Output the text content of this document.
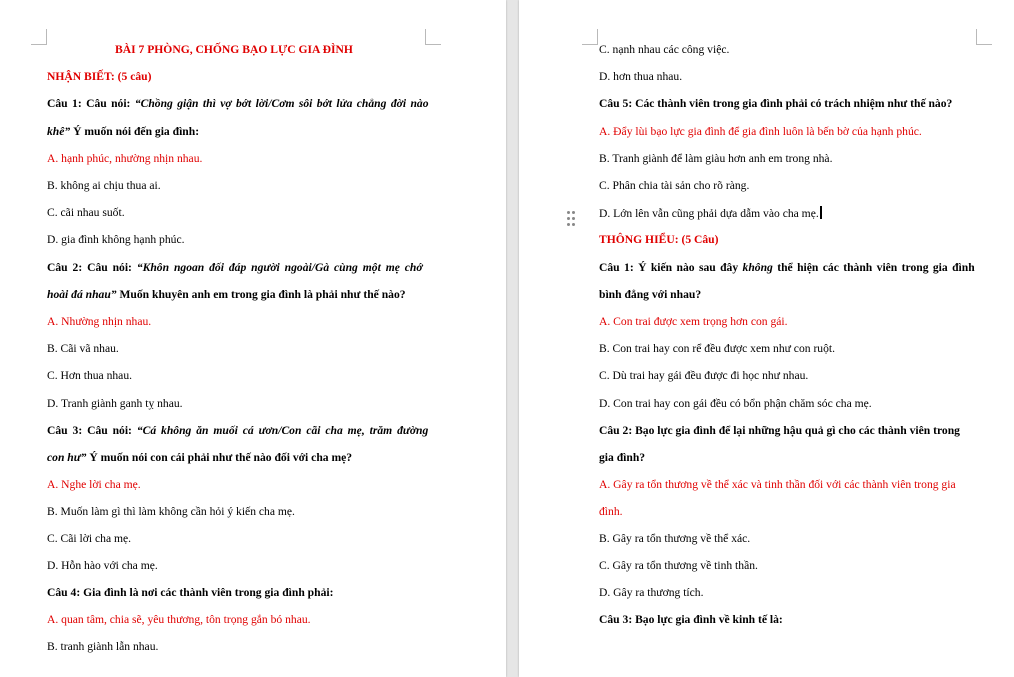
BÀI 7 PHÒNG, CHỐNG BẠO LỰC GIA ĐÌNH
NHẬN BIẾT: (5 câu)
Câu 1: Câu nói: “Chồng giận thì vợ bớt lời/Cơm sôi bớt lửa chẳng đời nào
khê” Ý muốn nói đến gia đình:
A. hạnh phúc, nhường nhịn nhau.
B. không ai chịu thua ai.
C. cãi nhau suốt.
D. gia đình không hạnh phúc.
Câu 2: Câu nói: “Khôn ngoan đối đáp người ngoài/Gà cùng một mẹ chớ
hoài đá nhau” Muốn khuyên anh em trong gia đình là phải như thế nào?
A. Nhường nhịn nhau.
B. Cãi vã nhau.
C. Hơn thua nhau.
D. Tranh giành ganh tỵ nhau.
Câu 3: Câu nói: “Cá không ăn muối cá ươn/Con cãi cha mẹ, trăm đường
con hư” Ý muốn nói con cái phải như thế nào đối với cha mẹ?
A. Nghe lời cha mẹ.
B. Muốn làm gì thì làm không cần hỏi ý kiến cha mẹ.
C. Cãi lời cha mẹ.
D. Hỗn hào với cha mẹ.
Câu 4: Gia đình là nơi các thành viên trong gia đình phải:
A. quan tâm, chia sẽ, yêu thương, tôn trọng gắn bó nhau.
B. tranh giành lẫn nhau.
C. nạnh nhau các công việc.
D. hơn thua nhau.
Câu 5: Các thành viên trong gia đình phải có trách nhiệm như thế nào?
A. Đẩy lùi bạo lực gia đình để gia đình luôn là bến bờ của hạnh phúc.
B. Tranh giành để làm giàu hơn anh em trong nhà.
C. Phân chia tài sản cho rõ ràng.
D. Lớn lên vẫn cũng phải dựa dẫm vào cha mẹ.
THÔNG HIỂU: (5 Câu)
Câu 1: Ý kiến nào sau đây không thể hiện các thành viên trong gia đình
bình đẳng với nhau?
A. Con trai được xem trọng hơn con gái.
B. Con trai hay con rể đều được xem như con ruột.
C. Dù trai hay gái đều được đi học như nhau.
D. Con trai hay con gái đều có bổn phận chăm sóc cha mẹ.
Câu 2: Bạo lực gia đình để lại những hậu quả gì cho các thành viên trong
gia đình?
A. Gây ra tổn thương về thể xác và tinh thần đối với các thành viên trong gia
đình.
B. Gây ra tổn thương về thể xác.
C. Gây ra tổn thương về tinh thần.
D. Gây ra thương tích.
Câu 3: Bạo lực gia đình về kinh tế là:
